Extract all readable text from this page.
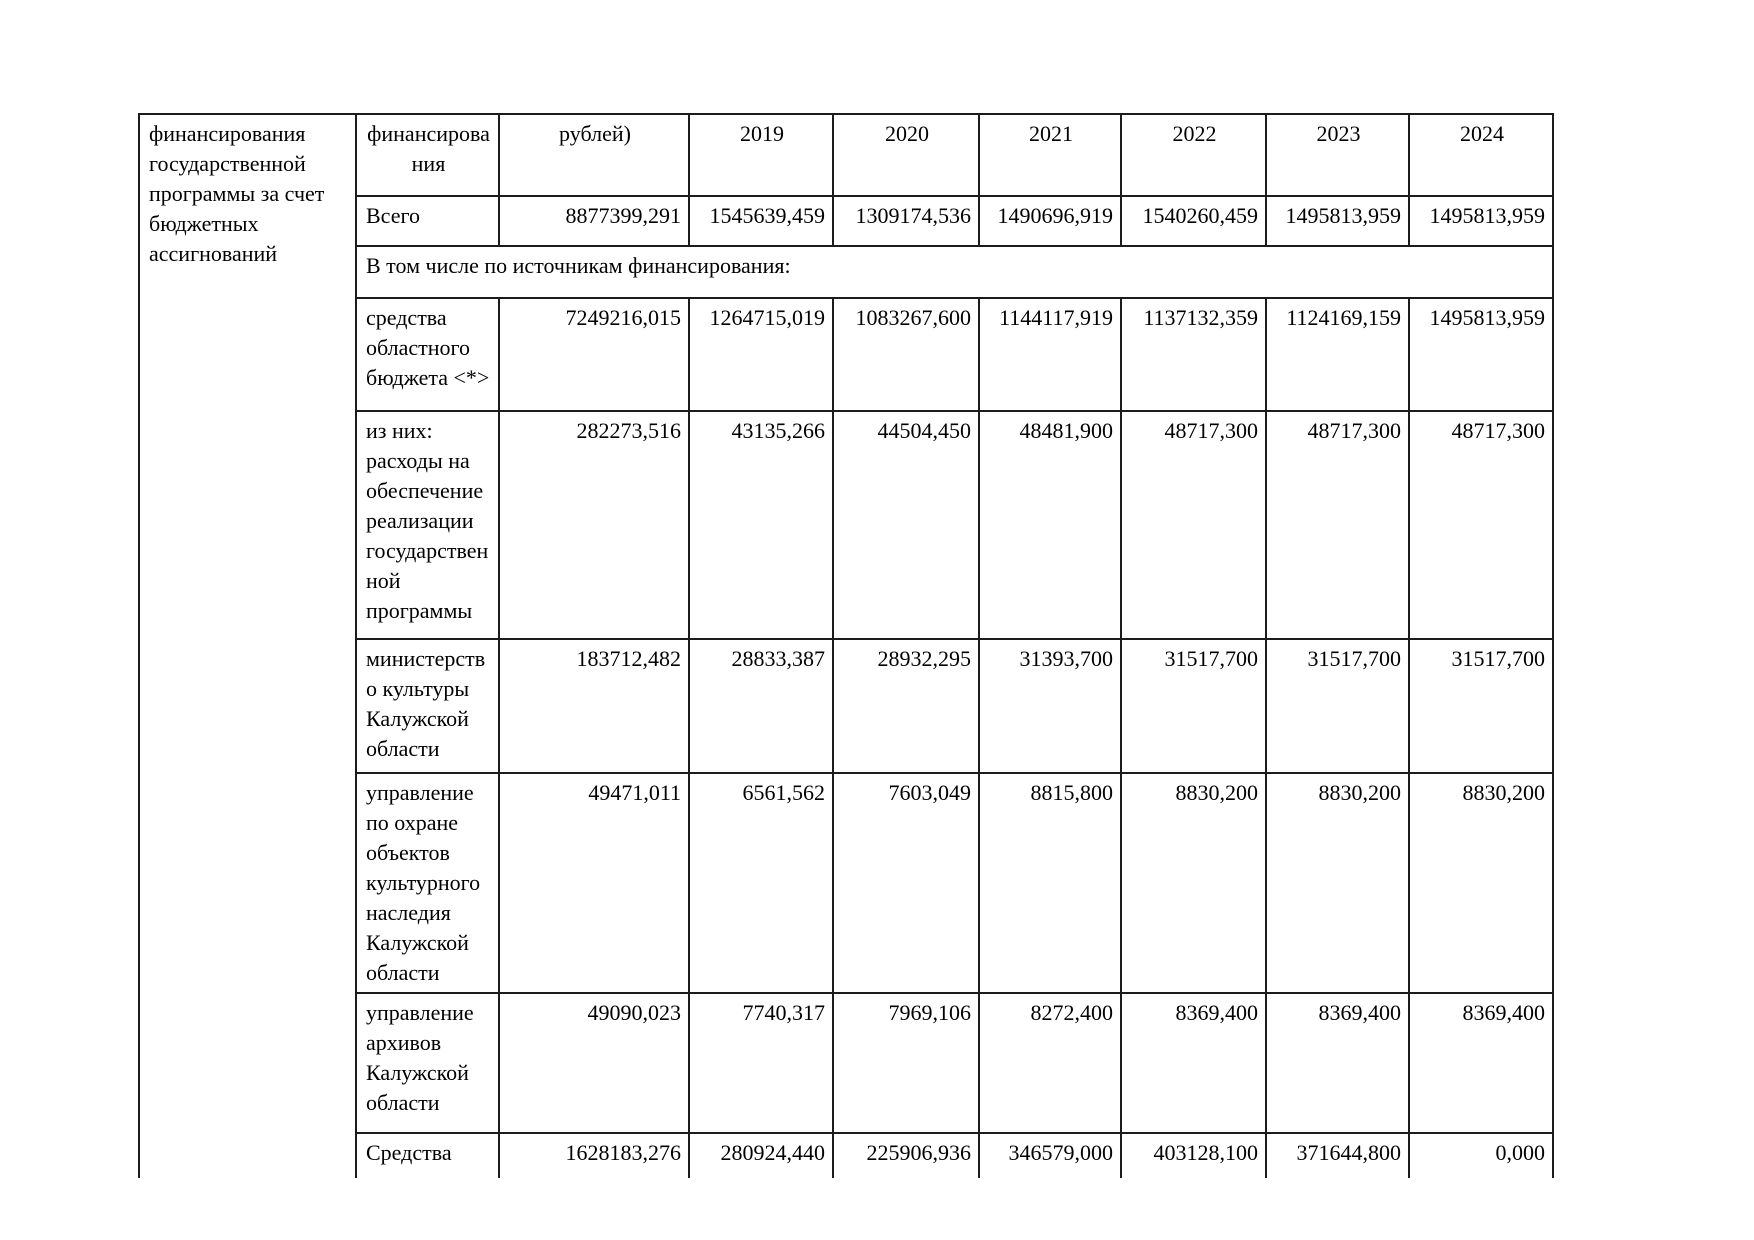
финансирования государственной программы за счет бюджетных ассигнований	финансирования	рублей)	2019	2020	2021	2022	2023	2024
	Всего	8877399,291	1545639,459	1309174,536	1490696,919	1540260,459	1495813,959	1495813,959
	В том числе по источникам финансирования:							
	средства областного бюджета <*>	7249216,015	1264715,019	1083267,600	1144117,919	1137132,359	1124169,159	1495813,959
	из них: расходы на обеспечение реализации государственной программы	282273,516	43135,266	44504,450	48481,900	48717,300	48717,300	48717,300
	министерство культуры Калужской области	183712,482	28833,387	28932,295	31393,700	31517,700	31517,700	31517,700
	управление по охране объектов культурного наследия Калужской области	49471,011	6561,562	7603,049	8815,800	8830,200	8830,200	8830,200
	управление архивов Калужской области	49090,023	7740,317	7969,106	8272,400	8369,400	8369,400	8369,400
	Средства	1628183,276	280924,440	225906,936	346579,000	403128,100	371644,800	0,000
